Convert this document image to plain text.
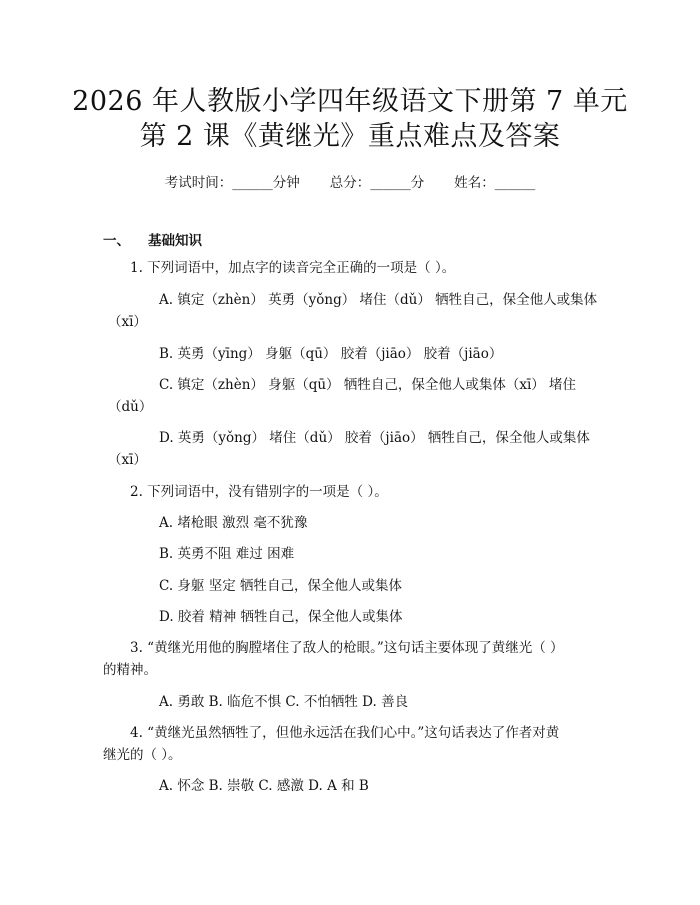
2026 年人教版小学四年级语文下册第 7 单元
第 2 课《黄继光》重点难点及答案
考试时间：______分钟 总分：______分 姓名：______
一、 基础知识
1. 下列词语中，加点字的读音完全正确的一项是（ ）。
A. 镇定（zhèn） 英勇（yǒng） 堵住（dǔ） 牺牲自己，保全他人或集体
（xī）
B. 英勇（yīng） 身躯（qū） 胶着（jiāo） 胶着（jiāo）
C. 镇定（zhèn） 身躯（qū） 牺牲自己，保全他人或集体（xī） 堵住
（dǔ）
D. 英勇（yǒng） 堵住（dǔ） 胶着（jiāo） 牺牲自己，保全他人或集体
（xī）
2. 下列词语中，没有错别字的一项是（ ）。
A. 堵枪眼 激烈 毫不犹豫
B. 英勇不阻 难过 困难
C. 身躯 坚定 牺牲自己，保全他人或集体
D. 胶着 精神 牺牲自己，保全他人或集体
3. “黄继光用他的胸膛堵住了敌人的枪眼。”这句话主要体现了黄继光（ ）
的精神。
A. 勇敢 B. 临危不惧 C. 不怕牺牲 D. 善良
4. “黄继光虽然牺牲了，但他永远活在我们心中。”这句话表达了作者对黄
继光的（ ）。
A. 怀念 B. 崇敬 C. 感激 D. A 和 B
